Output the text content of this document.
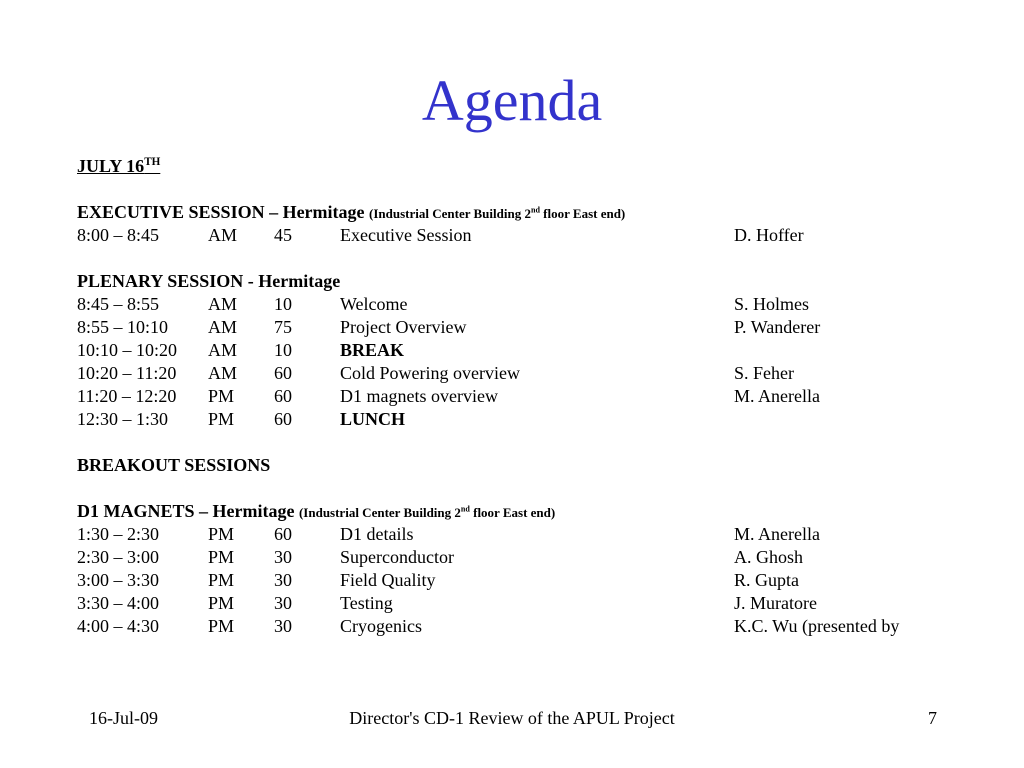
Agenda
JULY 16TH
EXECUTIVE SESSION – Hermitage (Industrial Center Building 2nd floor East end)
8:00 – 8:45	AM 45	Executive Session	D. Hoffer
PLENARY SESSION - Hermitage
8:45 – 8:55	AM 10	Welcome	S. Holmes
8:55 – 10:10 AM 75	Project Overview	P. Wanderer
10:10 – 10:20 AM 10	BREAK
10:20 – 11:20 AM 60	Cold Powering overview	S. Feher
11:20 – 12:20 PM 60	D1 magnets overview	M. Anerella
12:30 – 1:30 PM 60	LUNCH
BREAKOUT SESSIONS
D1 MAGNETS – Hermitage (Industrial Center Building 2nd floor East end)
1:30 – 2:30	PM 60	D1 details	M. Anerella
2:30 – 3:00	PM 30	Superconductor	A. Ghosh
3:00 – 3:30	PM 30	Field Quality	R. Gupta
3:30 – 4:00	PM 30	Testing	J. Muratore
4:00 – 4:30	PM 30	Cryogenics	K.C. Wu (presented by
16-Jul-09	Director's CD-1 Review of the APUL Project	7
